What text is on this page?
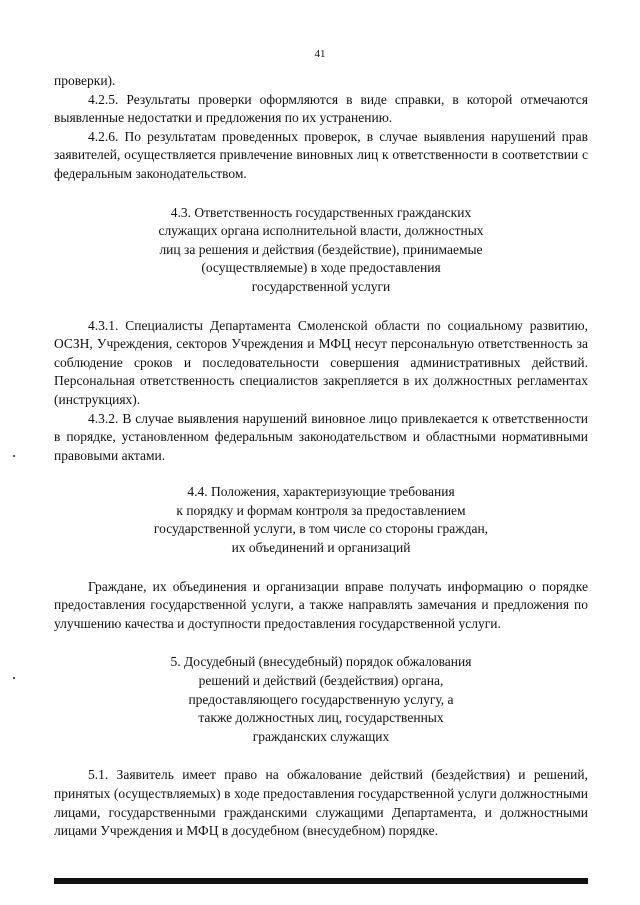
41

проверки).

4.2.5. Результаты проверки оформляются в виде справки, в которой отмечаются выявленные недостатки и предложения по их устранению.

4.2.6. По результатам проведенных проверок, в случае выявления нарушений прав заявителей, осуществляется привлечение виновных лиц к ответственности в соответствии с федеральным законодательством.

4.3. Ответственность государственных гражданских
служащих органа исполнительной власти, должностных
лиц за решения и действия (бездействие), принимаемые
(осуществляемые) в ходе предоставления
государственной услуги

4.3.1. Специалисты Департамента Смоленской области по социальному развитию, ОСЗН, Учреждения, секторов Учреждения и МФЦ несут персональную ответственность за соблюдение сроков и последовательности совершения административных действий. Персональная ответственность специалистов закрепляется в их должностных регламентах (инструкциях).

4.3.2. В случае выявления нарушений виновное лицо привлекается к ответственности в порядке, установленном федеральным законодательством и областными нормативными правовыми актами.

4.4. Положения, характеризующие требования
к порядку и формам контроля за предоставлением
государственной услуги, в том числе со стороны граждан,
их объединений и организаций

Граждане, их объединения и организации вправе получать информацию о порядке предоставления государственной услуги, а также направлять замечания и предложения по улучшению качества и доступности предоставления государственной услуги.

5. Досудебный (внесудебный) порядок обжалования
решений и действий (бездействия) органа,
предоставляющего государственную услугу, а
также должностных лиц, государственных
гражданских служащих

5.1. Заявитель имеет право на обжалование действий (бездействия) и решений, принятых (осуществляемых) в ходе предоставления государственной услуги должностными лицами, государственными гражданскими служащими Департамента, и должностными лицами Учреждения и МФЦ в досудебном (внесудебном) порядке.
